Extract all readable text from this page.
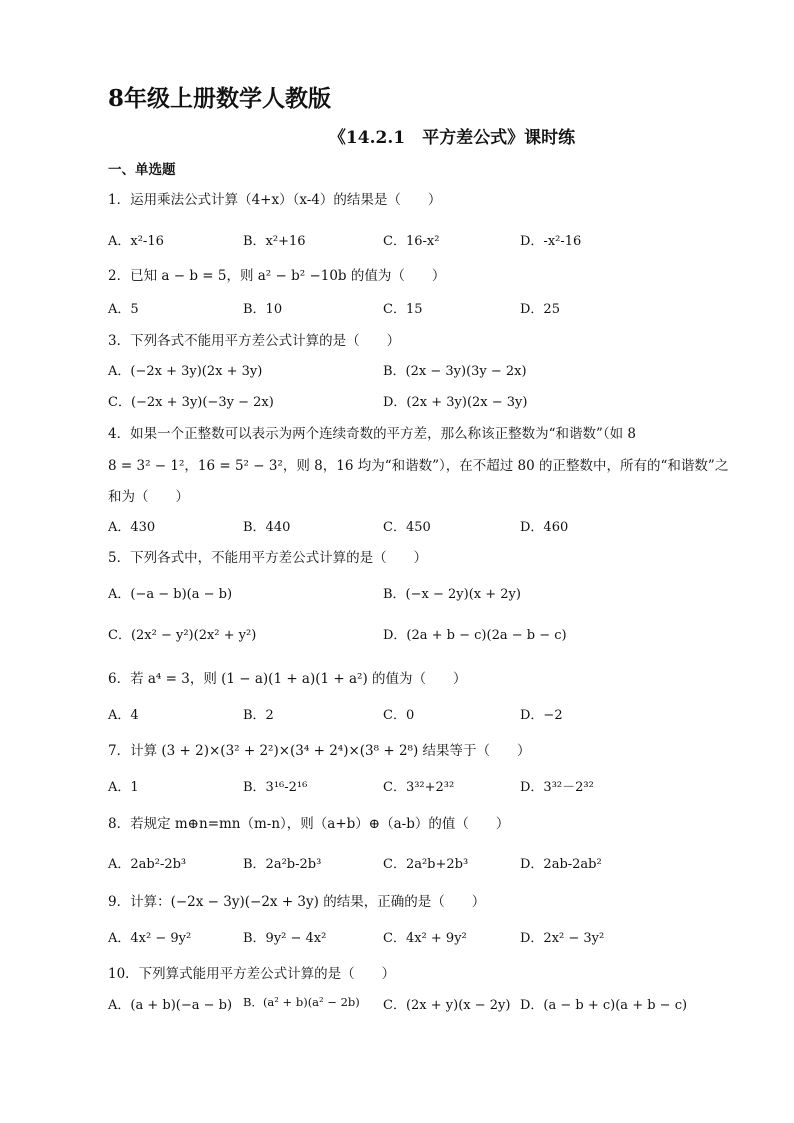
8年级上册数学人教版
《14.2.1　平方差公式》课时练
一、单选题
1．运用乘法公式计算（4+x）（x-4）的结果是（　　）
A．x²-16	B．x²+16	C．16-x²	D．-x²-16
2．已知 a − b = 5，则 a² − b² −10b 的值为（　　）
A．5	B．10	C．15	D．25
3．下列各式不能用平方差公式计算的是（　　）
A．(−2x + 3y)(2x + 3y)	B．(2x − 3y)(3y − 2x)
C．(−2x + 3y)(−3y − 2x)	D．(2x + 3y)(2x − 3y)
4．如果一个正整数可以表示为两个连续奇数的平方差，那么称该正整数为“和谐数”（如 8
8 = 3² − 1²，16 = 5² − 3²，则 8，16 均为“和谐数”），在不超过 80 的正整数中，所有的“和谐数”之
和为（　　）
A．430	B．440	C．450	D．460
5．下列各式中，不能用平方差公式计算的是（　　）
A．(−a − b)(a − b)	B．(−x − 2y)(x + 2y)
C．(2x² − y²)(2x² + y²)	D．(2a + b − c)(2a − b − c)
6．若 a⁴ = 3，则 (1 − a)(1 + a)(1 + a²) 的值为（　　）
A．4	B．2	C．0	D．−2
7．计算 (3 + 2)×(3² + 2²)×(3⁴ + 2⁴)×(3⁸ + 2⁸) 结果等于（　　）
A．1	B．3¹⁶-2¹⁶	C．3³²+2³²	D．3³²－2³²
8．若规定 m⊕n=mn（m-n），则（a+b）⊕（a-b）的值（　　）
A．2ab²-2b³	B．2a²b-2b³	C．2a²b+2b³	D．2ab-2ab²
9．计算：(−2x − 3y)(−2x + 3y) 的结果，正确的是（　　）
A．4x² − 9y²	B．9y² − 4x²	C．4x² + 9y²	D．2x² − 3y²
10．下列算式能用平方差公式计算的是（　　）
A．(a + b)(−a − b) B．(a² + b)(a² − 2b) C．(2x + y)(x − 2y) D．(a − b + c)(a + b − c)
